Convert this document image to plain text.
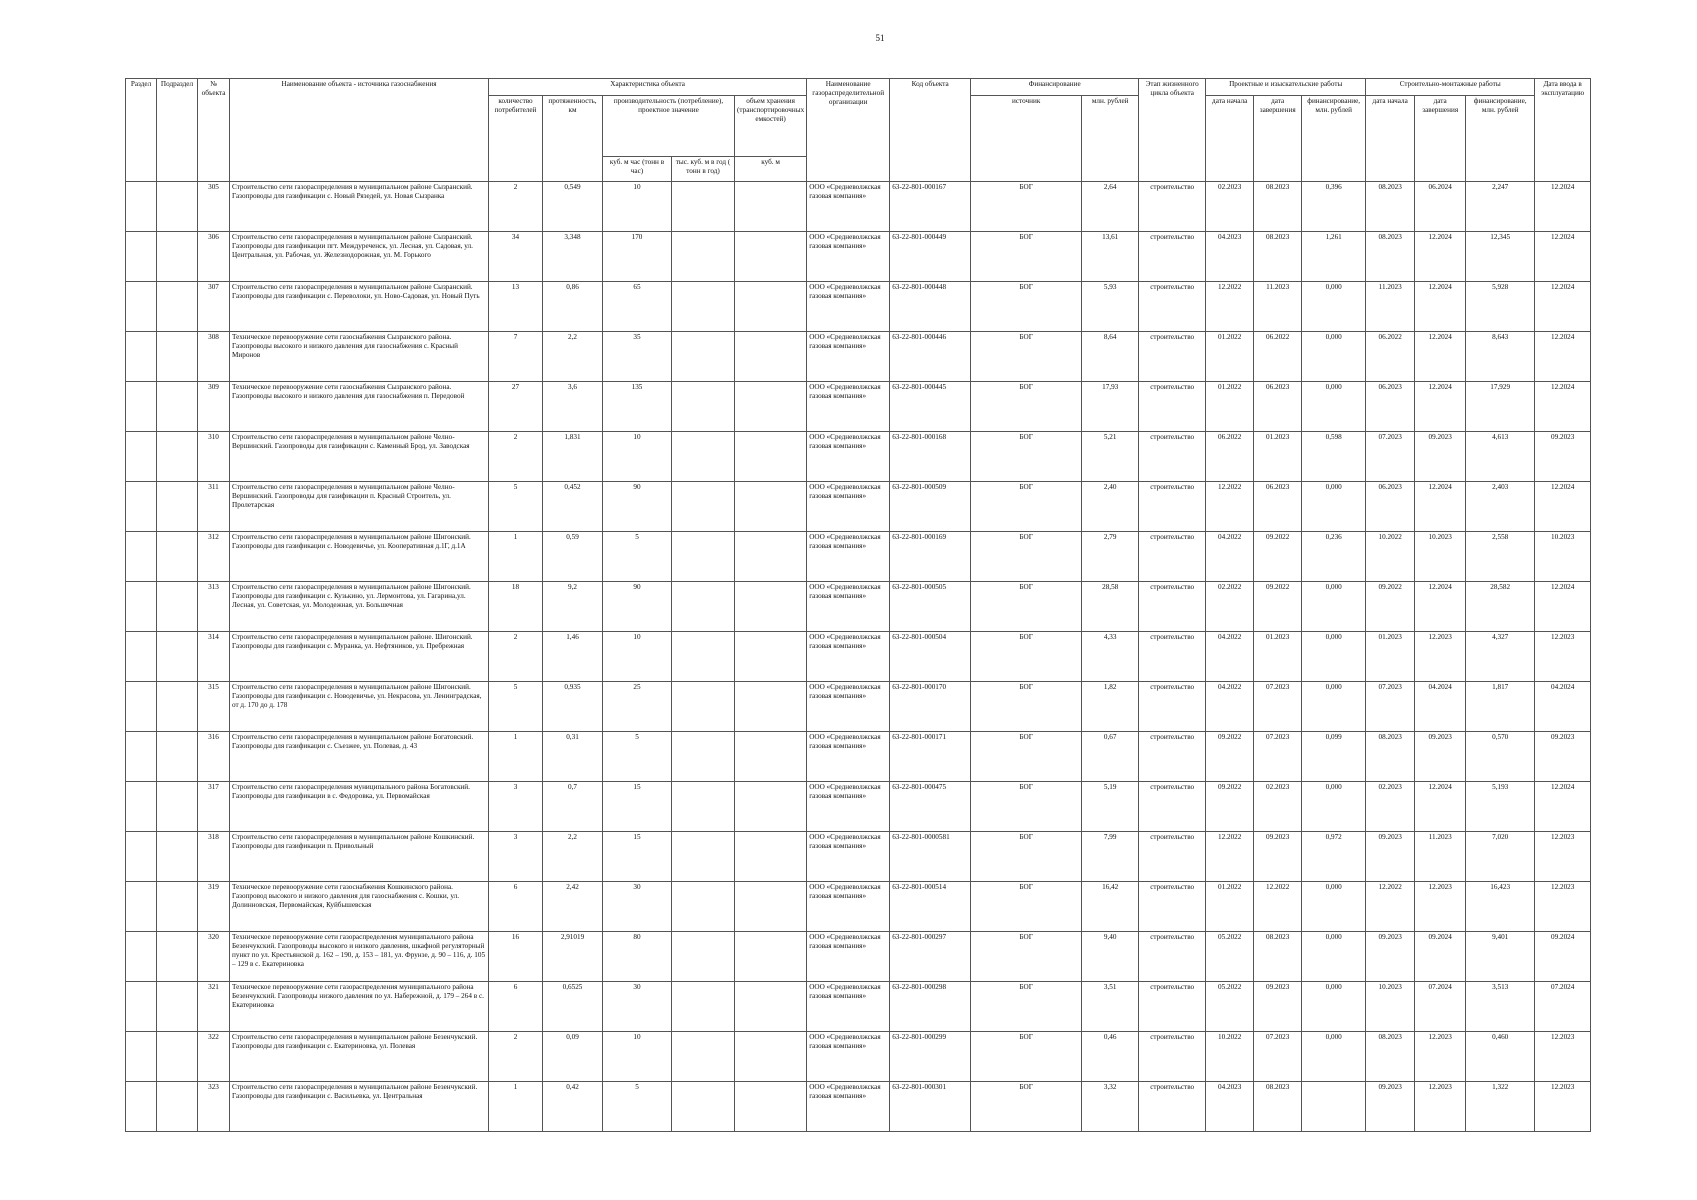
51
Раздел	Подраздел	№ объекта	Наименование объекта - источника газоснабжения	Характеристика объекта					Наименование газораспределительной организации	Код объекта	Финансирование		Этап жизненного цикла объекта	Проектные и изыскательские работы			Строительно-монтажные работы			Дата ввода в эксплуатацию
				количество потребителей	протяженность, км	производительность (потребление), проектное значение		объем хранения (транспортировочных емкостей)			источник	млн. рублей		дата начала	дата завершения	финансирование, млн. рублей	дата начала	дата завершения	финансирование, млн. рублей	
						куб. м час (тонн в час)	тыс. куб. м в год ( тонн в год)	куб. м												
		305	Строительство сети газораспределения в муниципальном районе Сызранский. Газопроводы для газификации с. Новый Рязедей, ул. Новая Сызранка	2	0,549	10			ООО «Средневолжская газовая компания»	63-22-801-000167	БОГ	2,64	строительство	02.2023	08.2023	0,396	08.2023	06.2024	2,247	12.2024
		306	Строительство сети газораспределения в муниципальном районе Сызранский. Газопроводы для газификации пгт. Междуреченск, ул. Лесная, ул. Садовая, ул. Центральная, ул. Рабочая, ул. Железнодорожная, ул. М. Горького	34	3,348	170			ООО «Средневолжская газовая компания»	63-22-801-000449	БОГ	13,61	строительство	04.2023	08.2023	1,261	08.2023	12.2024	12,345	12.2024
		307	Строительство сети газораспределения в муниципальном районе Сызранский. Газопроводы для газификации с. Переволоки, ул. Ново-Садовая, ул. Новый Путь	13	0,86	65			ООО «Средневолжская газовая компания»	63-22-801-000448	БОГ	5,93	строительство	12.2022	11.2023	0,000	11.2023	12.2024	5,928	12.2024
		308	Техническое перевооружение сети газоснабжения Сызранского района. Газопроводы высокого и низкого давления для газоснабжения с. Красный Миронов	7	2,2	35			ООО «Средневолжская газовая компания»	63-22-801-000446	БОГ	8,64	строительство	01.2022	06.2022	0,000	06.2022	12.2024	8,643	12.2024
		309	Техническое перевооружение сети газоснабжения Сызранского района. Газопроводы высокого и низкого давления для газоснабжения п. Передовой	27	3,6	135			ООО «Средневолжская газовая компания»	63-22-801-000445	БОГ	17,93	строительство	01.2022	06.2023	0,000	06.2023	12.2024	17,929	12.2024
		310	Строительство сети газораспределения в муниципальном районе Челно-Вершинский. Газопроводы для газификации с. Каменный Брод, ул. Заводская	2	1,831	10			ООО «Средневолжская газовая компания»	63-22-801-000168	БОГ	5,21	строительство	06.2022	01.2023	0,598	07.2023	09.2023	4,613	09.2023
		311	Строительство сети газораспределения в муниципальном районе Челно-Вершинский. Газопроводы для газификации п. Красный Строитель, ул. Пролетарская	5	0,452	90			ООО «Средневолжская газовая компания»	63-22-801-000509	БОГ	2,40	строительство	12.2022	06.2023	0,000	06.2023	12.2024	2,403	12.2024
		312	Строительство сети газораспределения в муниципальном районе Шигонский. Газопроводы для газификации с. Новодевичье, ул. Кооперативная д.1Г, д.1А	1	0,59	5			ООО «Средневолжская газовая компания»	63-22-801-000169	БОГ	2,79	строительство	04.2022	09.2022	0,236	10.2022	10.2023	2,558	10.2023
		313	Строительство сети газораспределения в муниципальном районе Шигонский. Газопроводы для газификации с. Кузькино, ул. Лермонтова, ул. Гагарина,ул. Лесная, ул. Советская, ул. Молодежная, ул. Большечная	18	9,2	90			ООО «Средневолжская газовая компания»	63-22-801-000505	БОГ	28,58	строительство	02.2022	09.2022	0,000	09.2022	12.2024	28,582	12.2024
		314	Строительство сети газораспределения в муниципальном районе. Шигонский. Газопроводы для газификации с. Муранка, ул. Нефтяников, ул. Пребрежная	2	1,46	10			ООО «Средневолжская газовая компания»	63-22-801-000504	БОГ	4,33	строительство	04.2022	01.2023	0,000	01.2023	12.2023	4,327	12.2023
		315	Строительство сети газораспределения в муниципальном районе Шигонский. Газопроводы для газификации с. Новодевичье, ул. Некрасова, ул. Ленинградская, от д. 170 до д. 178	5	0,935	25			ООО «Средневолжская газовая компания»	63-22-801-000170	БОГ	1,82	строительство	04.2022	07.2023	0,000	07.2023	04.2024	1,817	04.2024
		316	Строительство сети газораспределения в муниципальном районе Богатовский. Газопроводы для газификации с. Съезжее, ул. Полевая, д. 43	1	0,31	5			ООО «Средневолжская газовая компания»	63-22-801-000171	БОГ	0,67	строительство	09.2022	07.2023	0,099	08.2023	09.2023	0,570	09.2023
		317	Строительство сети газораспределения муниципального района Богатовский. Газопроводы для газификации в с. Федоровка, ул. Первомайская	3	0,7	15			ООО «Средневолжская газовая компания»	63-22-801-000475	БОГ	5,19	строительство	09.2022	02.2023	0,000	02.2023	12.2024	5,193	12.2024
		318	Строительство сети газораспределения в муниципальном районе Кошкинский. Газопроводы для газификации п. Привольный	3	2,2	15			ООО «Средневолжская газовая компания»	63-22-801-0000581	БОГ	7,99	строительство	12.2022	09.2023	0,972	09.2023	11.2023	7,020	12.2023
		319	Техническое перевооружение сети газоснабжения Кошкинского района. Газопровод высокого и низкого давления для газоснабжения с. Кошки, ул. Долинновская, Первомайская, Куйбышевская	6	2,42	30			ООО «Средневолжская газовая компания»	63-22-801-000514	БОГ	16,42	строительство	01.2022	12.2022	0,000	12.2022	12.2023	16,423	12.2023
		320	Техническое перевооружение сети газораспределения муниципального района Безенчукский. Газопроводы высокого и низкого давления, шкафной регуляторный пункт по ул. Крестьянской д. 162 – 190, д. 153 – 181, ул. Фрунзе, д. 90 – 116, д. 105 – 129 в с. Екатериновка	16	2,91019	80			ООО «Средневолжская газовая компания»	63-22-801-000297	БОГ	9,40	строительство	05.2022	08.2023	0,000	09.2023	09.2024	9,401	09.2024
		321	Техническое перевооружение сети газораспределения муниципального района Безенчукский. Газопроводы низкого давления по ул. Набережной, д. 179 – 264 в с. Екатериновка	6	0,6525	30			ООО «Средневолжская газовая компания»	63-22-801-000298	БОГ	3,51	строительство	05.2022	09.2023	0,000	10.2023	07.2024	3,513	07.2024
		322	Строительство сети газораспределения в муниципальном районе Безенчукский. Газопроводы для газификации с. Екатериновка, ул. Полевая	2	0,09	10			ООО «Средневолжская газовая компания»	63-22-801-000299	БОГ	0,46	строительство	10.2022	07.2023	0,000	08.2023	12.2023	0,460	12.2023
		323	Строительство сети газораспределения в муниципальном районе Безенчукский. Газопроводы для газификации с. Васильевка, ул. Центральная	1	0,42	5			ООО «Средневолжская газовая компания»	63-22-801-000301	БОГ	3,32	строительство	04.2023	08.2023		09.2023	12.2023	1,322	12.2023
